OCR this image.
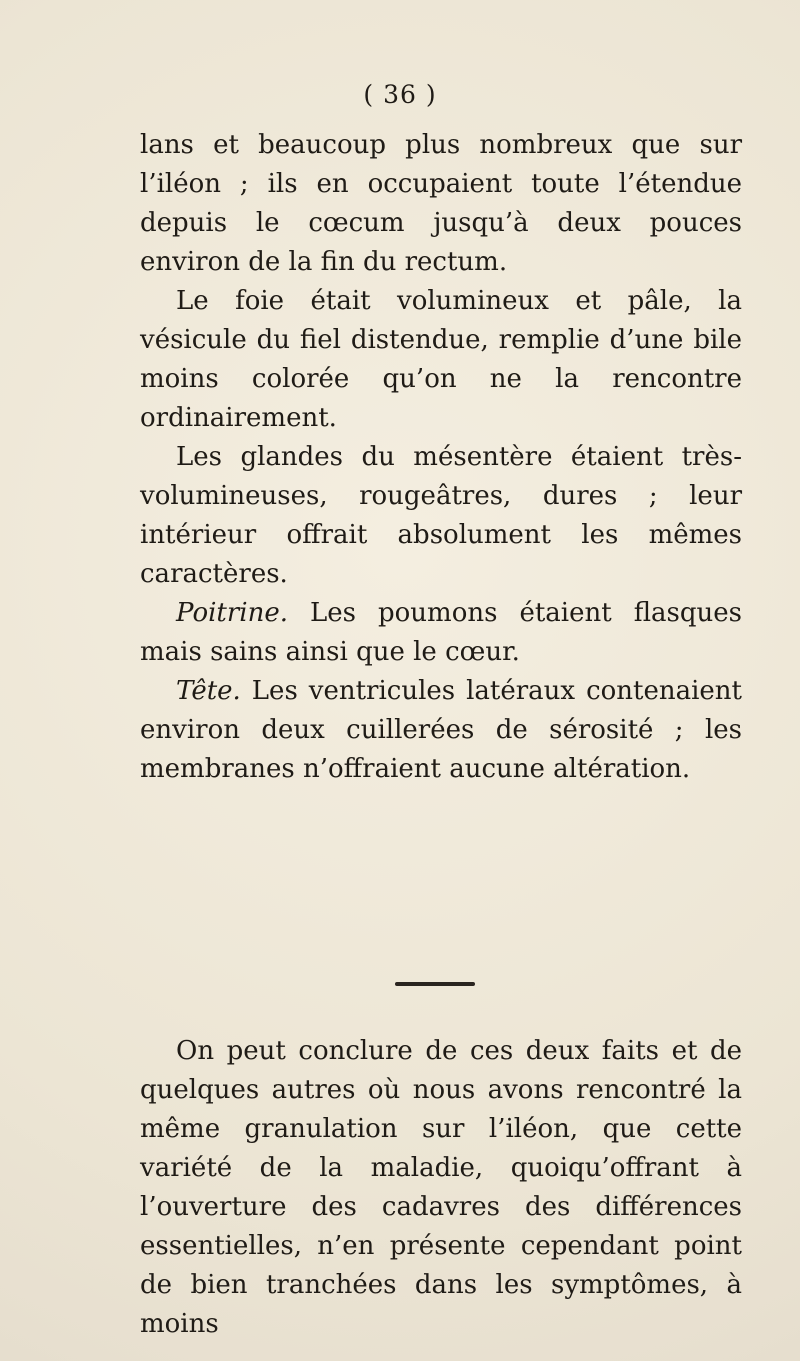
( 36 )

lans et beaucoup plus nombreux que sur l’iléon ; ils en occupaient toute l’étendue depuis le cœcum jusqu’à deux pouces environ de la fin du rectum.

Le foie était volumineux et pâle, la vésicule du fiel distendue, remplie d’une bile moins colorée qu’on ne la rencontre ordinairement.

Les glandes du mésentère étaient très-volumineuses, rougeâtres, dures ; leur intérieur offrait absolument les mêmes caractères.

Poitrine. Les poumons étaient flasques mais sains ainsi que le cœur.

Tête. Les ventricules latéraux contenaient environ deux cuillerées de sérosité ; les membranes n’offraient aucune altération.

On peut conclure de ces deux faits et de quelques autres où nous avons rencontré la même granulation sur l’iléon, que cette variété de la maladie, quoiqu’offrant à l’ouverture des cadavres des différences essentielles, n’en présente cependant point de bien tranchées dans les symptômes, à moins
